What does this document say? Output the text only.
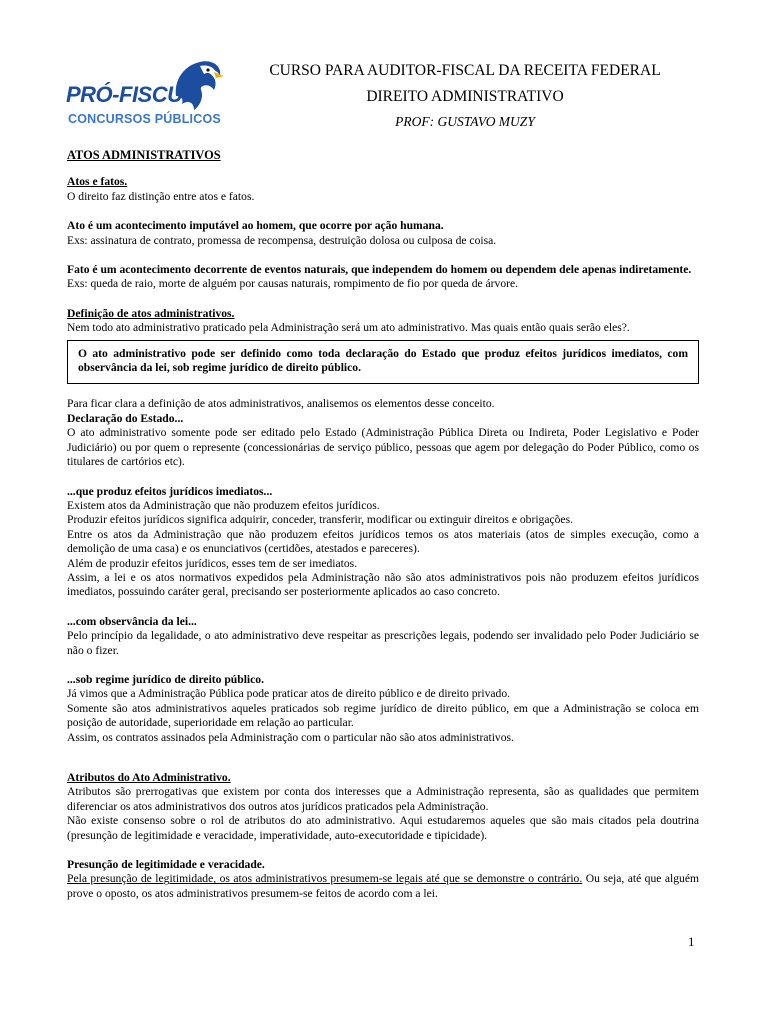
PRÓ-FISCUM
CONCURSOS PÚBLICOS
CURSO PARA AUDITOR-FISCAL DA RECEITA FEDERAL
DIREITO ADMINISTRATIVO
PROF: GUSTAVO MUZY
ATOS ADMINISTRATIVOS
Atos e fatos.
O direito faz distinção entre atos e fatos.
Ato é um acontecimento imputável ao homem, que ocorre por ação humana.
Exs: assinatura de contrato, promessa de recompensa, destruição dolosa ou culposa de coisa.
Fato é um acontecimento decorrente de eventos naturais, que independem do homem ou dependem dele apenas indiretamente.
Exs: queda de raio, morte de alguém por causas naturais, rompimento de fio por queda de árvore.
Definição de atos administrativos.
Nem todo ato administrativo praticado pela Administração será um ato administrativo. Mas quais então quais serão eles?.
O ato administrativo pode ser definido como toda declaração do Estado que produz efeitos jurídicos imediatos, com observância da lei, sob regime jurídico de direito público.
Para ficar clara a definição de atos administrativos, analisemos os elementos desse conceito.
Declaração do Estado...
O ato administrativo somente pode ser editado pelo Estado (Administração Pública Direta ou Indireta, Poder Legislativo e Poder Judiciário) ou por quem o represente (concessionárias de serviço público, pessoas que agem por delegação do Poder Público, como os titulares de cartórios etc).
...que produz efeitos jurídicos imediatos...
Existem atos da Administração que não produzem efeitos jurídicos.
Produzir efeitos jurídicos significa adquirir, conceder, transferir, modificar ou extinguir direitos e obrigações.
Entre os atos da Administração que não produzem efeitos jurídicos temos os atos materiais (atos de simples execução, como a demolição de uma casa) e os enunciativos (certidões, atestados e pareceres).
Além de produzir efeitos jurídicos, esses tem de ser imediatos.
Assim, a lei e os atos normativos expedidos pela Administração não são atos administrativos pois não produzem efeitos jurídicos imediatos, possuindo caráter geral, precisando ser posteriormente aplicados ao caso concreto.
...com observância da lei...
Pelo princípio da legalidade, o ato administrativo deve respeitar as prescrições legais, podendo ser invalidado pelo Poder Judiciário se não o fizer.
...sob regime jurídico de direito público.
Já vimos que a Administração Pública pode praticar atos de direito público e de direito privado.
Somente são atos administrativos aqueles praticados sob regime jurídico de direito público, em que a Administração se coloca em posição de autoridade, superioridade em relação ao particular.
Assim, os contratos assinados pela Administração com o particular não são atos administrativos.
Atributos do Ato Administrativo.
Atributos são prerrogativas que existem por conta dos interesses que a Administração representa, são as qualidades que permitem diferenciar os atos administrativos dos outros atos jurídicos praticados pela Administração.
Não existe consenso sobre o rol de atributos do ato administrativo. Aqui estudaremos aqueles que são mais citados pela doutrina (presunção de legitimidade e veracidade, imperatividade, auto-executoridade e tipicidade).
Presunção de legitimidade e veracidade.
Pela presunção de legitimidade, os atos administrativos presumem-se legais até que se demonstre o contrário. Ou seja, até que alguém prove o oposto, os atos administrativos presumem-se feitos de acordo com a lei.
1
